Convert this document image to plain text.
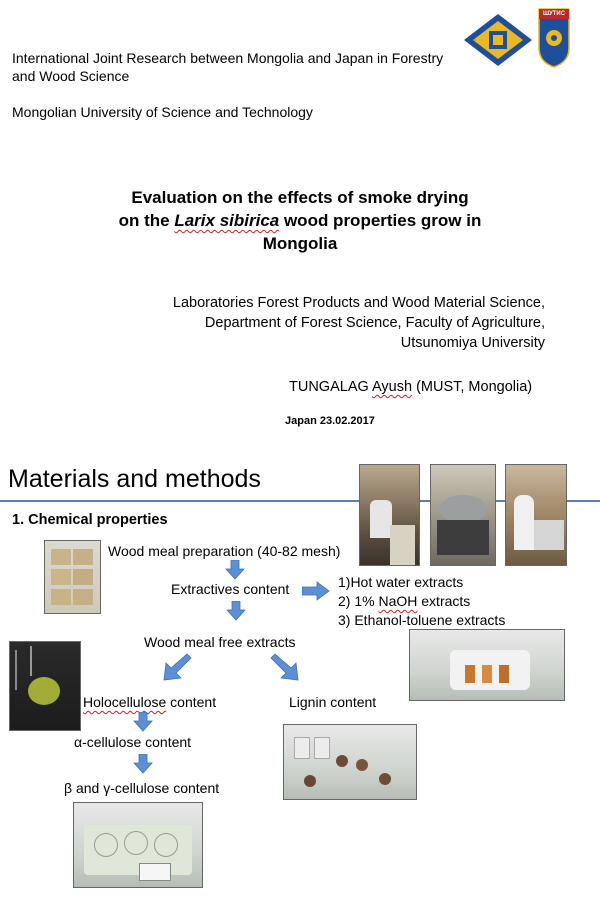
International Joint Research between Mongolia and Japan in Forestry
and Wood Science
Mongolian University of Science and Technology
ШУТИС
Evaluation on the effects of smoke drying
on the Larix sibirica wood properties grow in
Mongolia
Laboratories Forest Products and Wood Material Science,
Department of Forest Science, Faculty of Agriculture,
Utsunomiya University
TUNGALAG Ayush (MUST, Mongolia)
Japan 23.02.2017
Materials and methods
1. Chemical properties
Wood meal preparation (40-82 mesh)
Extractives content	1)Hot water extracts
2) 1% NaOH extracts
3) Ethanol-toluene extracts
Wood meal free extracts
Holocellulose content	Lignin content
α-cellulose content
β and γ-cellulose content
